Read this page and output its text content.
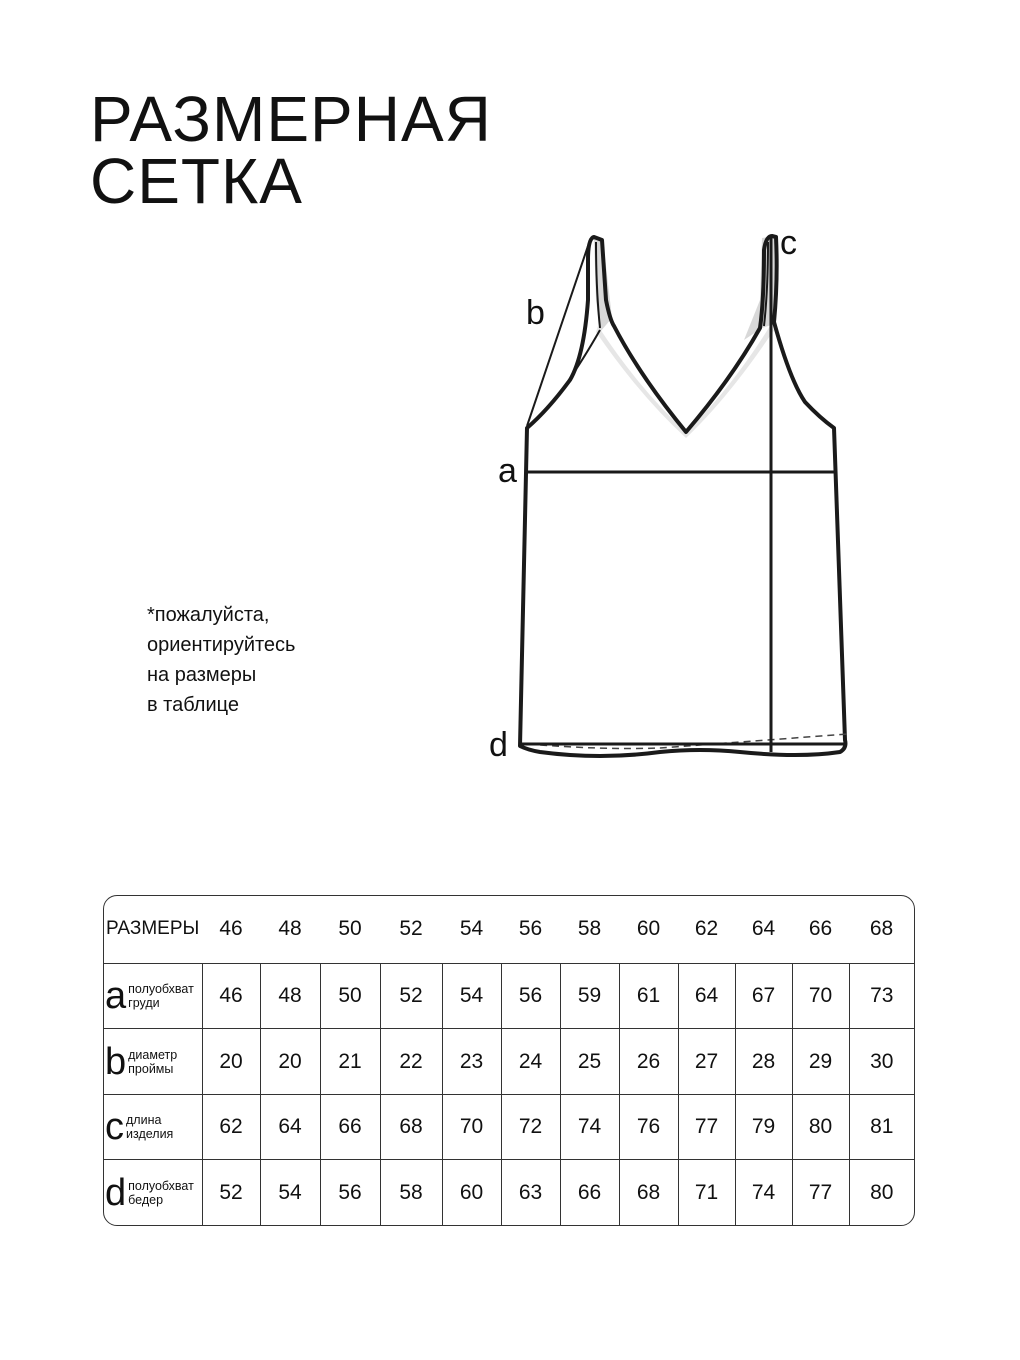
РАЗМЕРНАЯ
СЕТКА
a
b
c
d
*пожалуйста,
ориентируйтесь
на размеры
в таблице
РАЗМЕРЫ	46	48	50	52	54	56	58	60	62	64	66	68

a полуобхват
груди	46	48	50	52	54	56	59	61	64	67	70	73

b диаметр
проймы	20	20	21	22	23	24	25	26	27	28	29	30

c длина
изделия	62	64	66	68	70	72	74	76	77	79	80	81

d полуобхват
бедер	52	54	56	58	60	63	66	68	71	74	77	80
